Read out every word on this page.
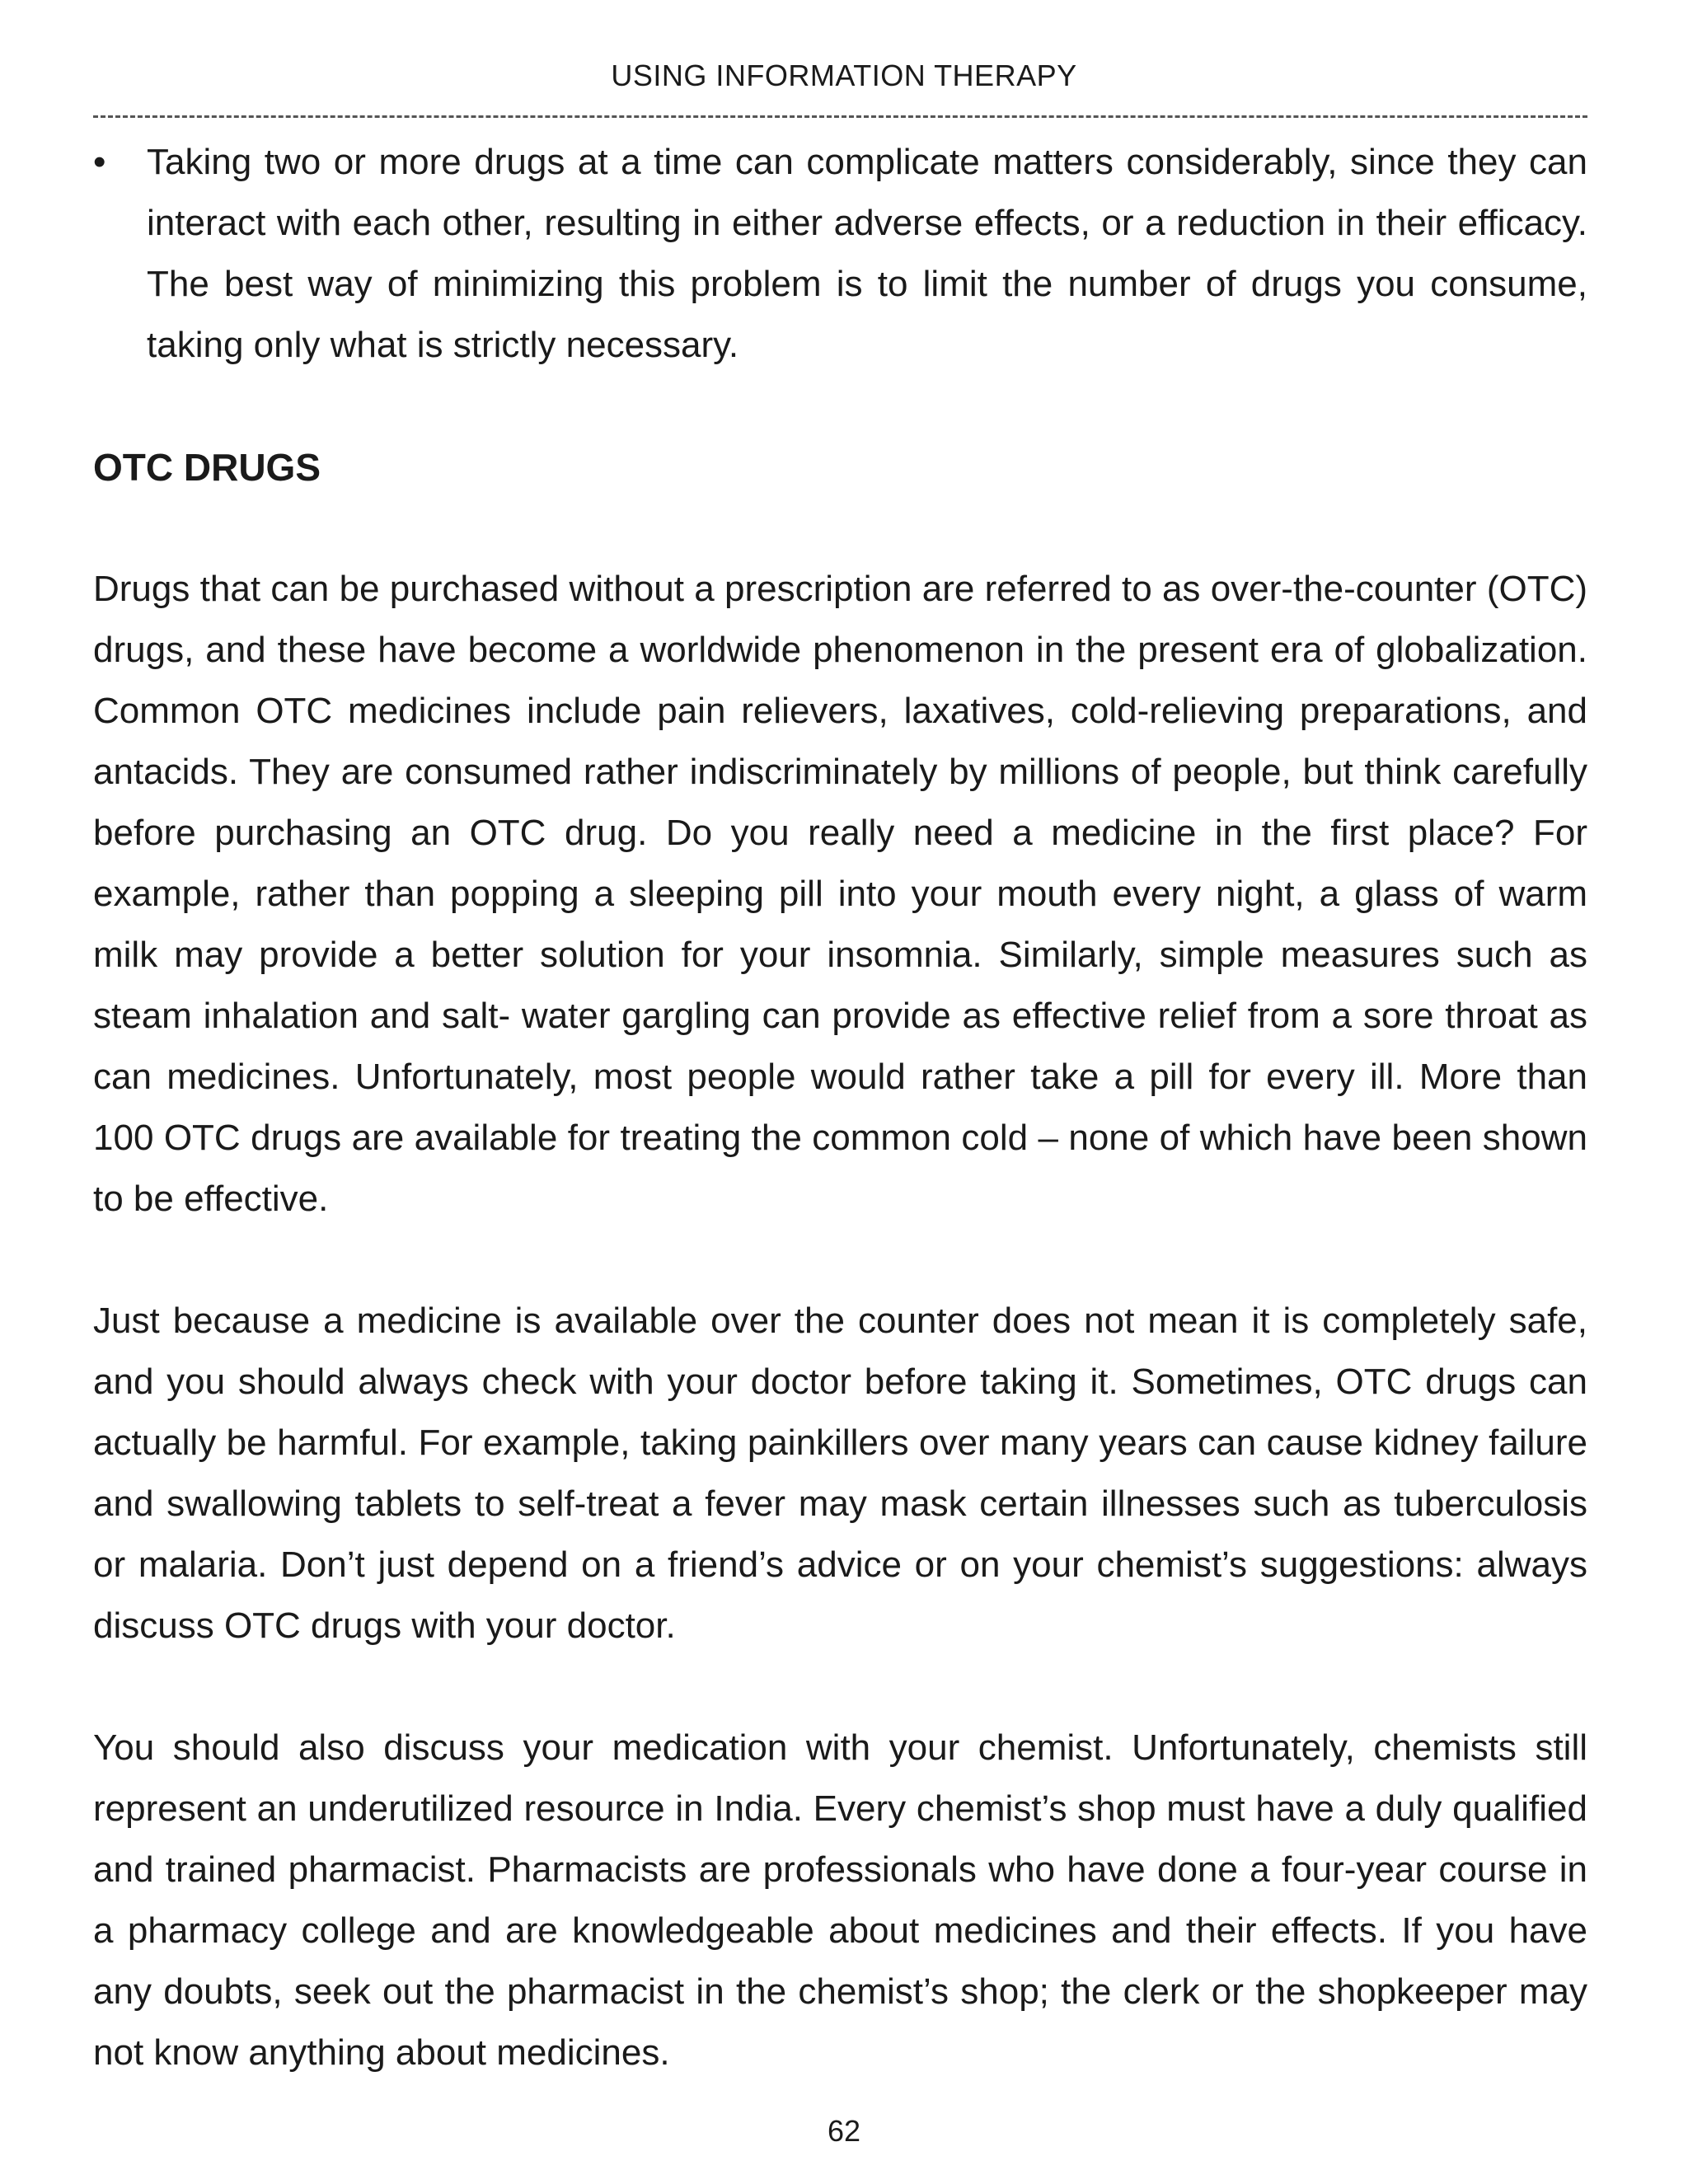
USING INFORMATION THERAPY
• Taking two or more drugs at a time can complicate matters considerably, since they can interact with each other, resulting in either adverse effects, or a reduction in their efficacy. The best way of minimizing this problem is to limit the number of drugs you consume, taking only what is strictly necessary.

OTC DRUGS

Drugs that can be purchased without a prescription are referred to as over-the-counter (OTC) drugs, and these have become a worldwide phenomenon in the present era of globalization. Common OTC medicines include pain relievers, laxatives, cold-relieving preparations, and antacids. They are consumed rather indiscriminately by millions of people, but think carefully before purchasing an OTC drug. Do you really need a medicine in the first place? For example, rather than popping a sleeping pill into your mouth every night, a glass of warm milk may provide a better solution for your insomnia. Similarly, simple measures such as steam inhalation and salt- water gargling can provide as effective relief from a sore throat as can medicines. Unfortunately, most people would rather take a pill for every ill. More than 100 OTC drugs are available for treating the common cold – none of which have been shown to be effective.

Just because a medicine is available over the counter does not mean it is completely safe, and you should always check with your doctor before taking it. Sometimes, OTC drugs can actually be harmful. For example, taking painkillers over many years can cause kidney failure and swallowing tablets to self-treat a fever may mask certain illnesses such as tuberculosis or malaria. Don’t just depend on a friend’s advice or on your chemist’s suggestions: always discuss OTC drugs with your doctor.

You should also discuss your medication with your chemist. Unfortunately, chemists still represent an underutilized resource in India. Every chemist’s shop must have a duly qualified and trained pharmacist. Pharmacists are professionals who have done a four-year course in a pharmacy college and are knowledgeable about medicines and their effects. If you have any doubts, seek out the pharmacist in the chemist’s shop; the clerk or the shopkeeper may not know anything about medicines.

62
